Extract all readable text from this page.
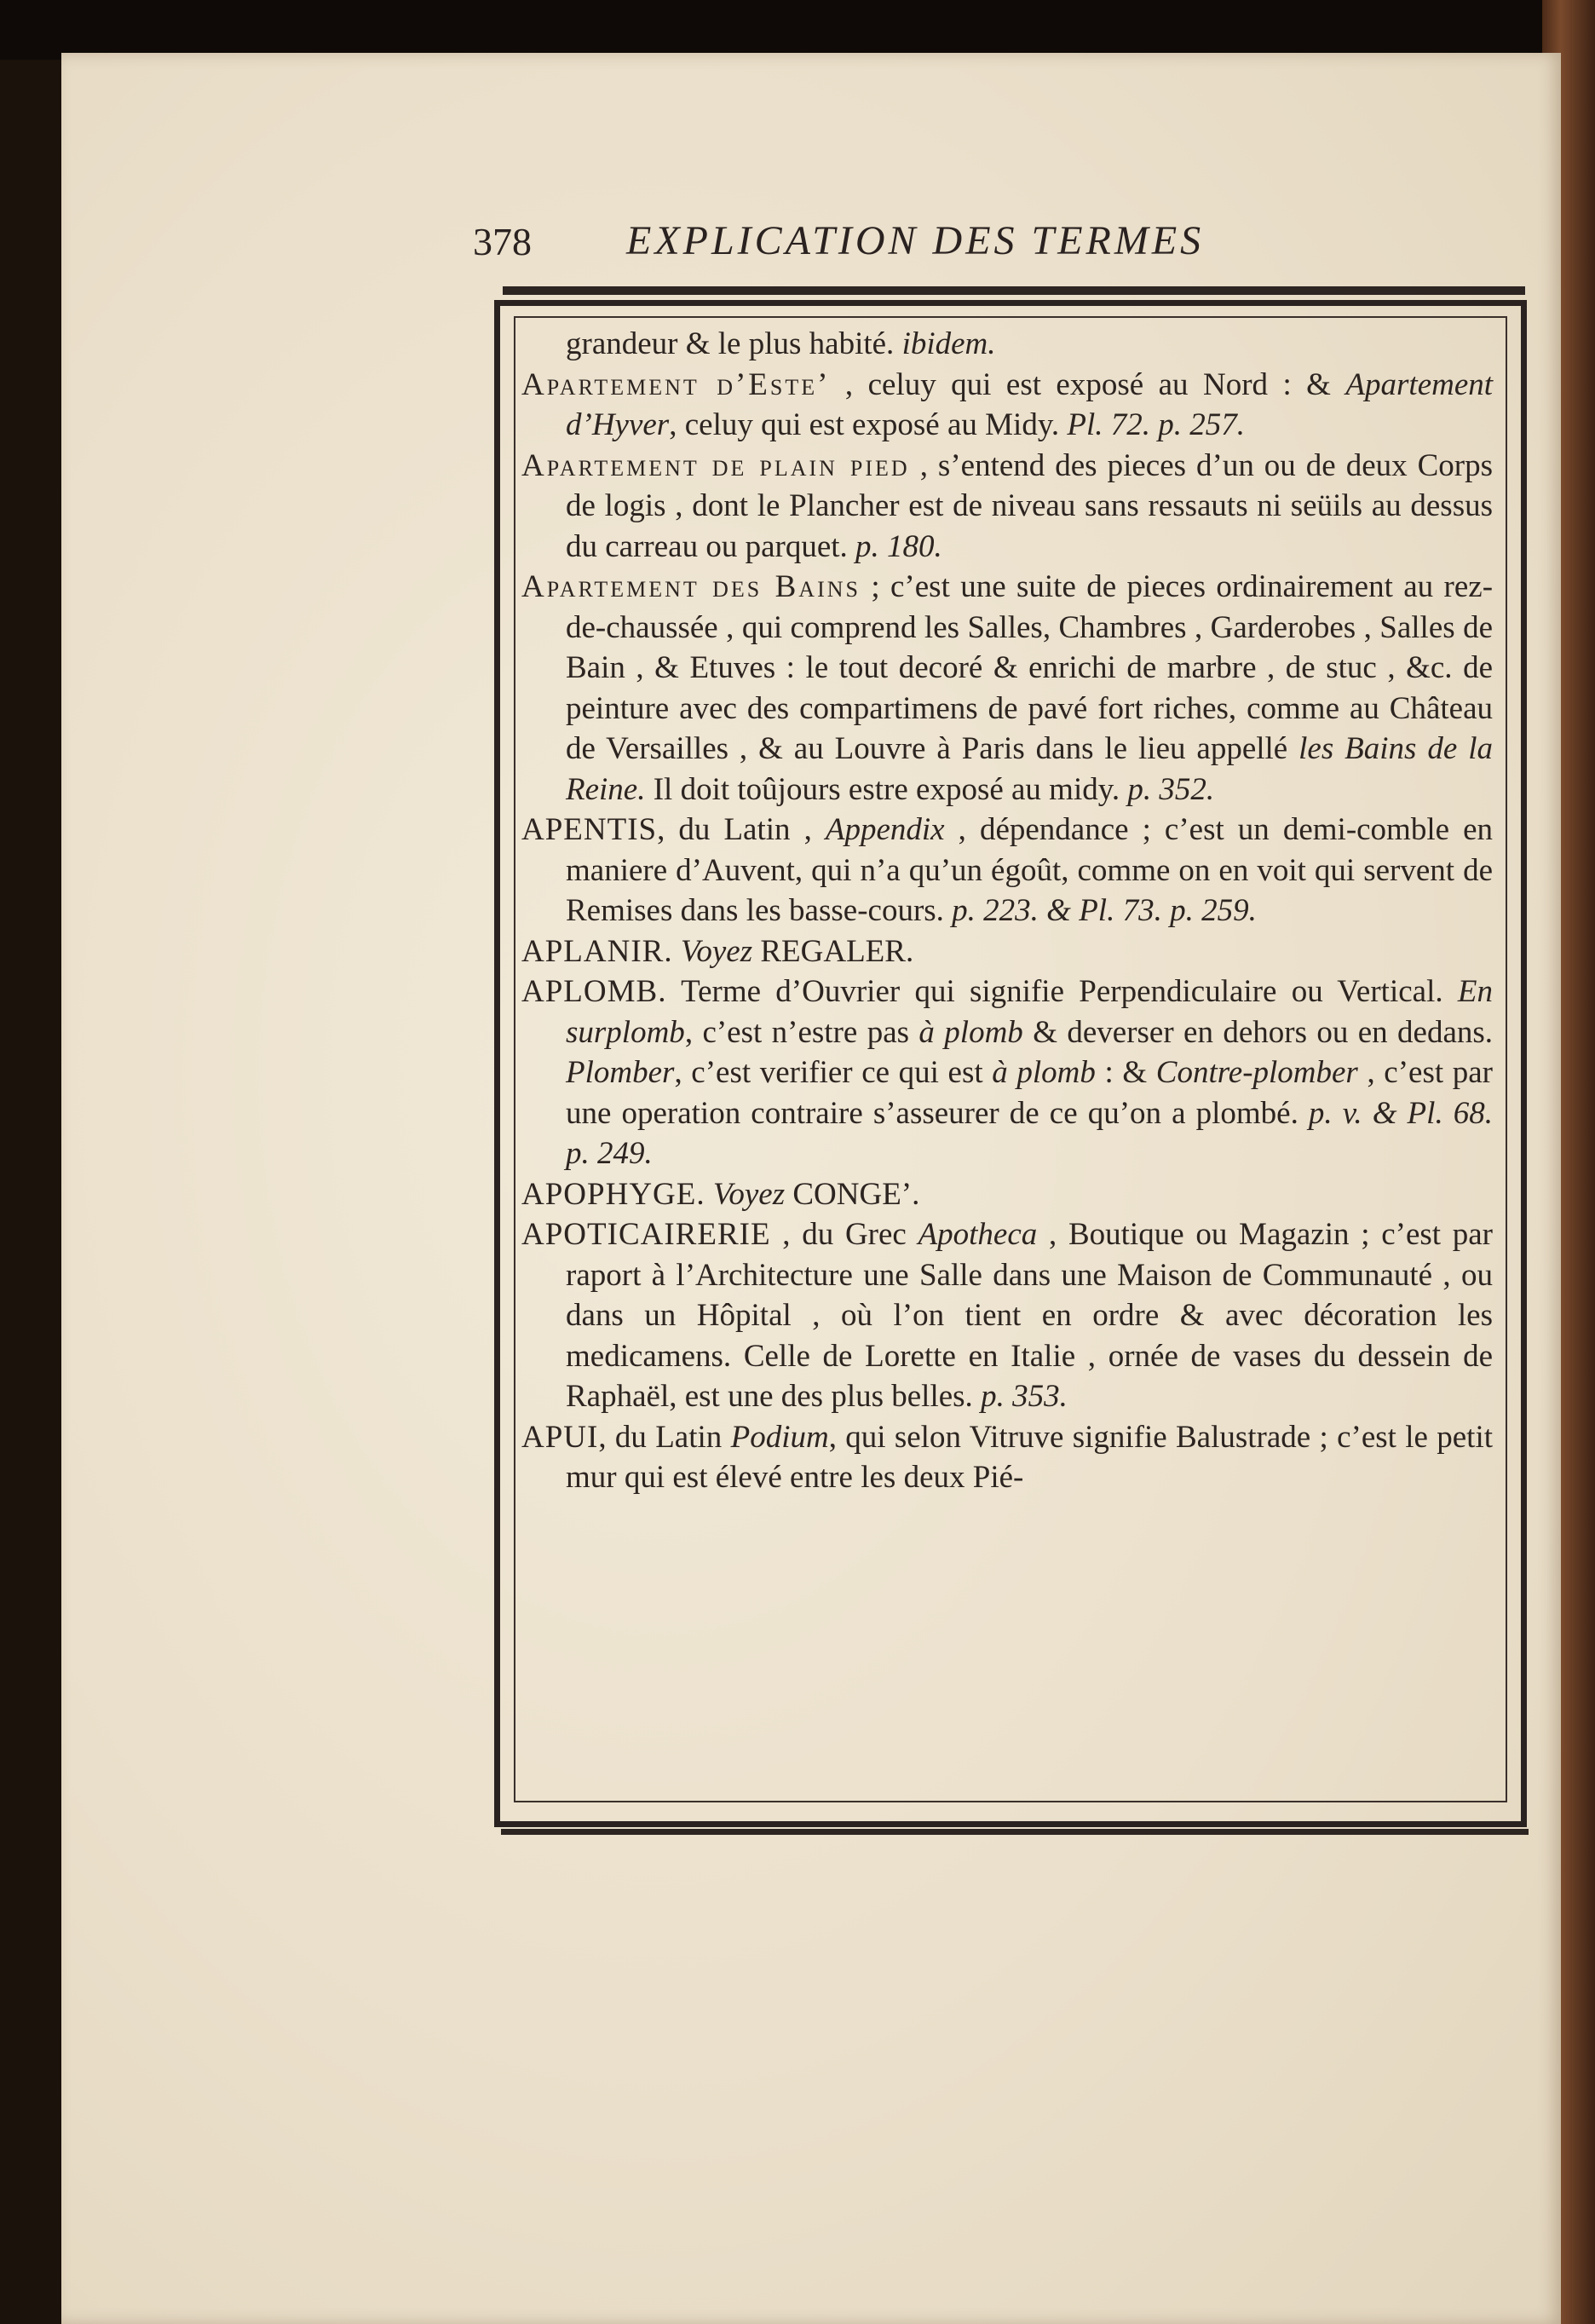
378 EXPLICATION DES TERMES

grandeur & le plus habité. ibidem.

Apartement d’Este’ , celuy qui est exposé au Nord : & Apartement d’Hyver, celuy qui est exposé au Midy. Pl. 72. p. 257.

Apartement de plain pied , s’entend des pieces d’un ou de deux Corps de logis , dont le Plancher est de niveau sans ressauts ni seüils au dessus du carreau ou parquet. p. 180.

Apartement des Bains ; c’est une suite de pieces ordinairement au rez-de-chaussée , qui comprend les Salles, Chambres , Garderobes , Salles de Bain , & Etuves : le tout decoré & enrichi de marbre , de stuc , &c. de peinture avec des compartimens de pavé fort riches, comme au Château de Versailles , & au Louvre à Paris dans le lieu appellé les Bains de la Reine. Il doit toûjours estre exposé au midy. p. 352.

APENTIS, du Latin , Appendix , dépendance ; c’est un demi-comble en maniere d’Auvent, qui n’a qu’un égoût, comme on en voit qui servent de Remises dans les basse-cours. p. 223. & Pl. 73. p. 259.

APLANIR. Voyez REGALER.

APLOMB. Terme d’Ouvrier qui signifie Perpendiculaire ou Vertical. En surplomb, c’est n’estre pas à plomb & deverser en dehors ou en dedans. Plomber, c’est verifier ce qui est à plomb : & Contre-plomber , c’est par une operation contraire s’asseurer de ce qu’on a plombé. p. v. & Pl. 68. p. 249.

APOPHYGE. Voyez CONGE’.

APOTICAIRERIE , du Grec Apotheca , Boutique ou Magazin ; c’est par raport à l’Architecture une Salle dans une Maison de Communauté , ou dans un Hôpital , où l’on tient en ordre & avec décoration les medicamens. Celle de Lorette en Italie , ornée de vases du dessein de Raphaël, est une des plus belles. p. 353.

APUI, du Latin Podium, qui selon Vitruve signifie Balustrade ; c’est le petit mur qui est élevé entre les deux Pié-
